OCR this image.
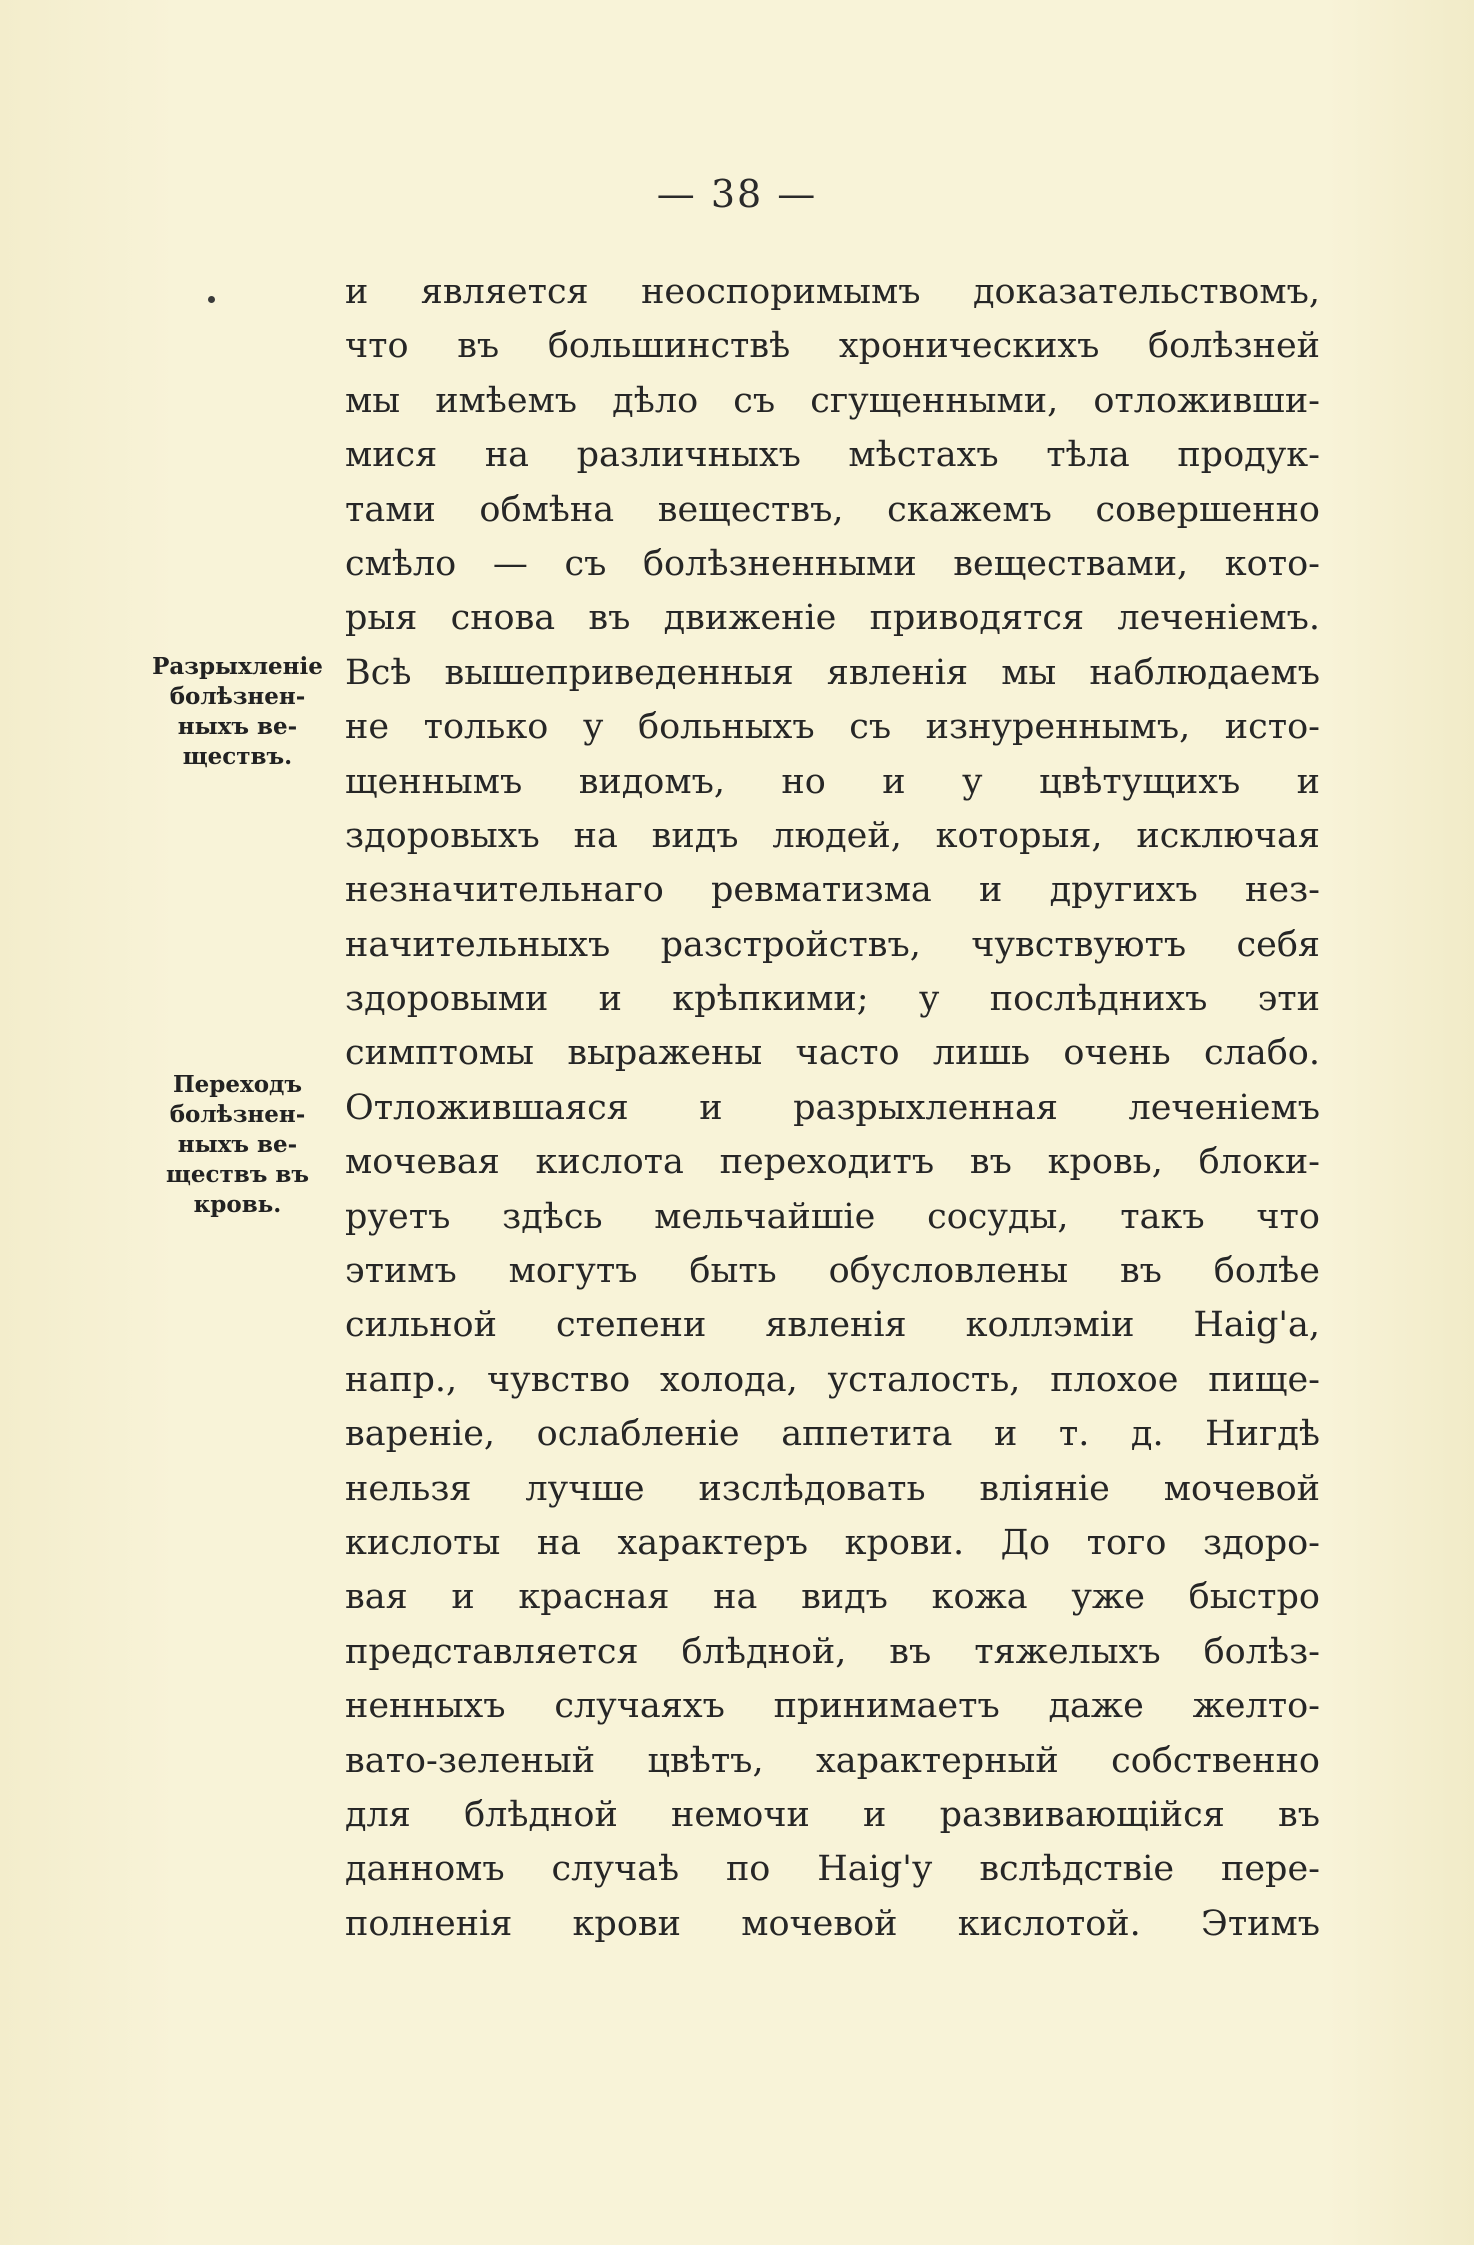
— 38 —
Разрыхленіе
болѣзнен-
ныхъ ве-
ществъ.
Переходъ
болѣзнен-
ныхъ ве-
ществъ въ
кровь.
и является неоспоримымъ доказательствомъ,
что въ большинствѣ хроническихъ болѣзней
мы имѣемъ дѣло съ сгущенными, отложивши-
мися на различныхъ мѣстахъ тѣла продук-
тами обмѣна веществъ, скажемъ совершенно
смѣло — съ болѣзненными веществами, кото-
рыя снова въ движеніе приводятся леченіемъ.
Всѣ вышеприведенныя явленія мы наблюдаемъ
не только у больныхъ съ изнуреннымъ, исто-
щеннымъ видомъ, но и у цвѣтущихъ и
здоровыхъ на видъ людей, которыя, исключая
незначительнаго ревматизма и другихъ нез-
начительныхъ разстройствъ, чувствуютъ себя
здоровыми и крѣпкими; у послѣднихъ эти
симптомы выражены часто лишь очень слабо.
Отложившаяся и разрыхленная леченіемъ
мочевая кислота переходитъ въ кровь, блоки-
руетъ здѣсь мельчайшіе сосуды, такъ что
этимъ могутъ быть обусловлены въ болѣе
сильной степени явленія коллэміи Haig'a,
напр., чувство холода, усталость, плохое пище-
вареніе, ослабленіе аппетита и т. д. Нигдѣ
нельзя лучше изслѣдовать вліяніе мочевой
кислоты на характеръ крови. До того здоро-
вая и красная на видъ кожа уже быстро
представляется блѣдной, въ тяжелыхъ болѣз-
ненныхъ случаяхъ принимаетъ даже желто-
вато-зеленый цвѣтъ, характерный собственно
для блѣдной немочи и развивающійся въ
данномъ случаѣ по Haig'у вслѣдствіе пере-
полненія крови мочевой кислотой. Этимъ
